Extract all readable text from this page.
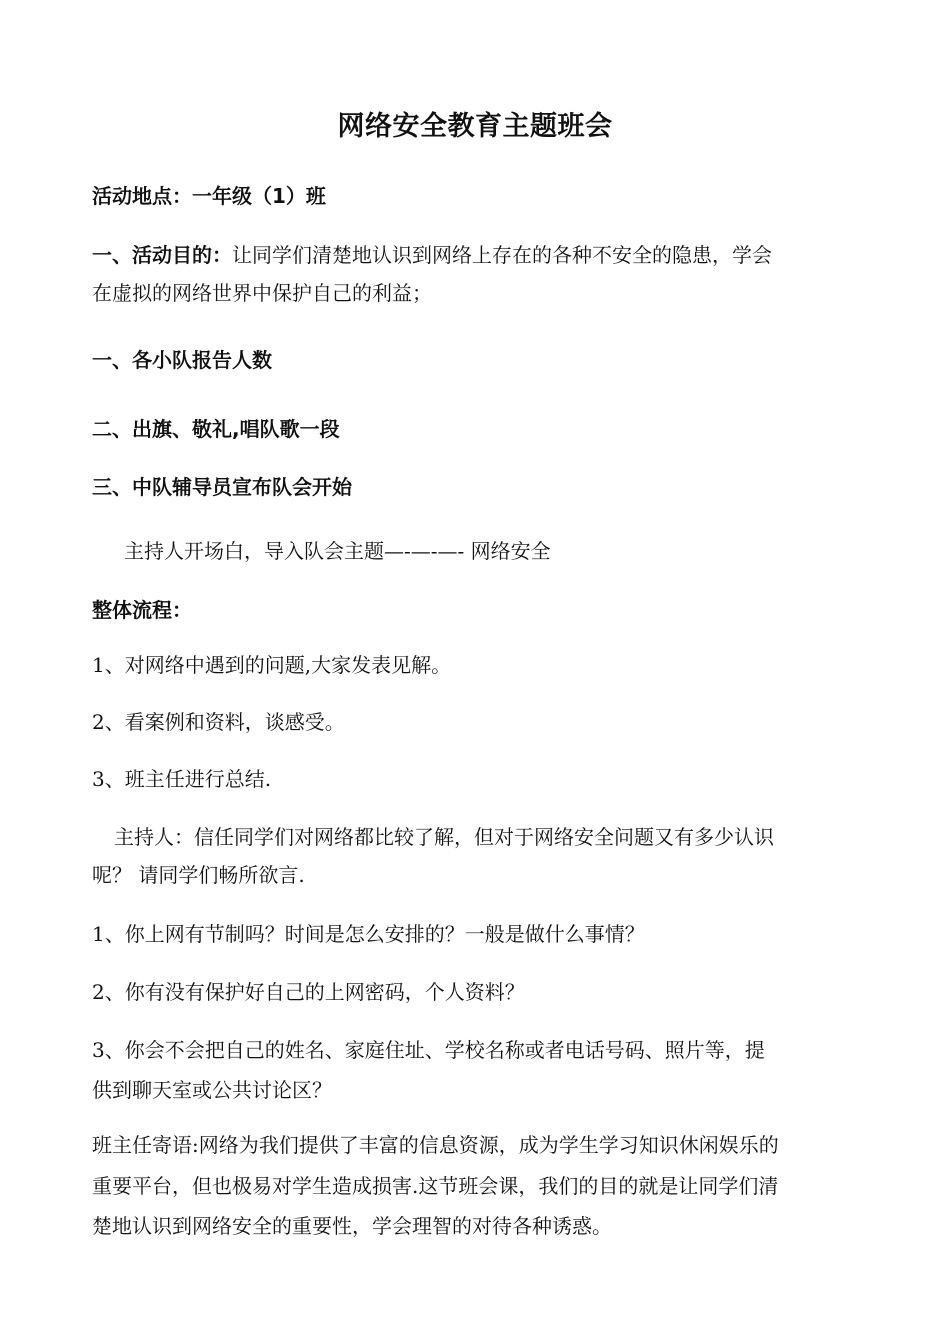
网络安全教育主题班会
活动地点：一年级（1）班
一、活动目的：让同学们清楚地认识到网络上存在的各种不安全的隐患，学会
在虚拟的网络世界中保护自己的利益；
一、各小队报告人数
二、出旗、敬礼,唱队歌一段
三、中队辅导员宣布队会开始
主持人开场白，导入队会主题—-—-—- 网络安全
整体流程：
1、对网络中遇到的问题,大家发表见解。
2、看案例和资料，谈感受。
3、班主任进行总结.
主持人：信任同学们对网络都比较了解，但对于网络安全问题又有多少认识
呢？ 请同学们畅所欲言.
1、你上网有节制吗？时间是怎么安排的？一般是做什么事情？
2、你有没有保护好自己的上网密码，个人资料？
3、你会不会把自己的姓名、家庭住址、学校名称或者电话号码、照片等，提
供到聊天室或公共讨论区？
班主任寄语:网络为我们提供了丰富的信息资源，成为学生学习知识休闲娱乐的
重要平台，但也极易对学生造成损害.这节班会课，我们的目的就是让同学们清
楚地认识到网络安全的重要性，学会理智的对待各种诱惑。
